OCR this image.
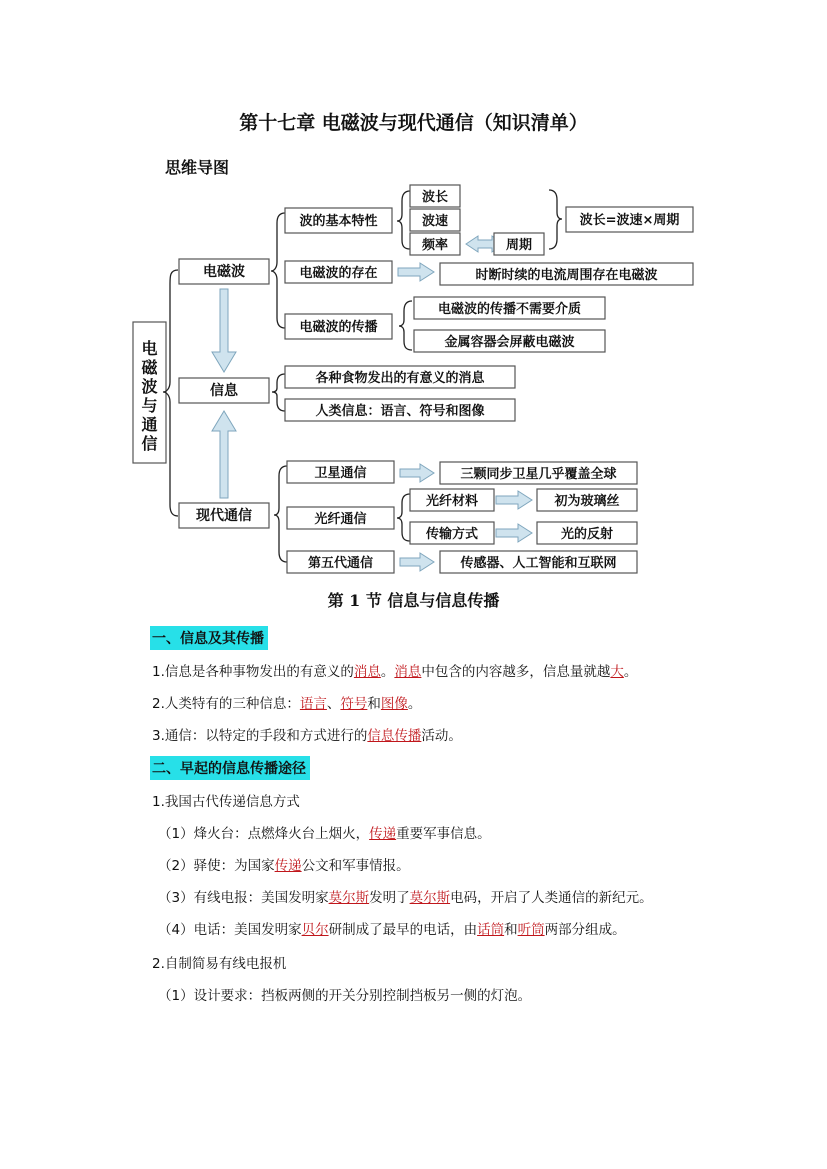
第十七章 电磁波与现代通信（知识清单）
思维导图
电
磁
波
与
通
信
电磁波
信息
现代通信
波的基本特性
电磁波的存在
电磁波的传播
波长
波速
频率	周期
波长=波速×周期
时断时续的电流周围存在电磁波
电磁波的传播不需要介质
金属容器会屏蔽电磁波
各种食物发出的有意义的消息
人类信息：语言、符号和图像
卫星通信
光纤通信
第五代通信
三颗同步卫星几乎覆盖全球
光纤材料	初为玻璃丝
传输方式	光的反射
传感器、人工智能和互联网
第 1 节 信息与信息传播
一、信息及其传播
1.信息是各种事物发出的有意义的消息。消息中包含的内容越多，信息量就越大。
2.人类特有的三种信息：语言、符号和图像。
3.通信：以特定的手段和方式进行的信息传播活动。
二、早起的信息传播途径
1.我国古代传递信息方式
（1）烽火台：点燃烽火台上烟火，传递重要军事信息。
（2）驿使：为国家传递公文和军事情报。
（3）有线电报：美国发明家莫尔斯发明了莫尔斯电码，开启了人类通信的新纪元。
（4）电话：美国发明家贝尔研制成了最早的电话，由话筒和听筒两部分组成。
2.自制简易有线电报机
（1）设计要求：挡板两侧的开关分别控制挡板另一侧的灯泡。
